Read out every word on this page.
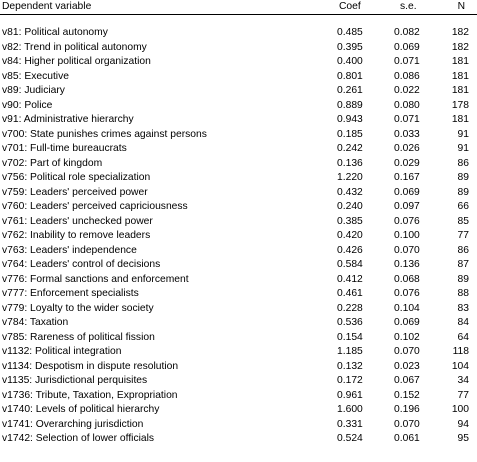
Dependent variable	Coef	s.e.	N
v81: Political autonomy	0.485	0.082	182
v82: Trend in political autonomy	0.395	0.069	182
v84: Higher political organization	0.400	0.071	181
v85: Executive	0.801	0.086	181
v89: Judiciary	0.261	0.022	181
v90: Police	0.889	0.080	178
v91: Administrative hierarchy	0.943	0.071	181
v700: State punishes crimes against persons	0.185	0.033	91
v701: Full-time bureaucrats	0.242	0.026	91
v702: Part of kingdom	0.136	0.029	86
v756: Political role specialization	1.220	0.167	89
v759: Leaders' perceived power	0.432	0.069	89
v760: Leaders' perceived capriciousness	0.240	0.097	66
v761: Leaders' unchecked power	0.385	0.076	85
v762: Inability to remove leaders	0.420	0.100	77
v763: Leaders' independence	0.426	0.070	86
v764: Leaders' control of decisions	0.584	0.136	87
v776: Formal sanctions and enforcement	0.412	0.068	89
v777: Enforcement specialists	0.461	0.076	88
v779: Loyalty to the wider society	0.228	0.104	83
v784: Taxation	0.536	0.069	84
v785: Rareness of political fission	0.154	0.102	64
v1132: Political integration	1.185	0.070	118
v1134: Despotism in dispute resolution	0.132	0.023	104
v1135: Jurisdictional perquisites	0.172	0.067	34
v1736: Tribute, Taxation, Expropriation	0.961	0.152	77
v1740: Levels of political hierarchy	1.600	0.196	100
v1741: Overarching jurisdiction	0.331	0.070	94
v1742: Selection of lower officials	0.524	0.061	95
